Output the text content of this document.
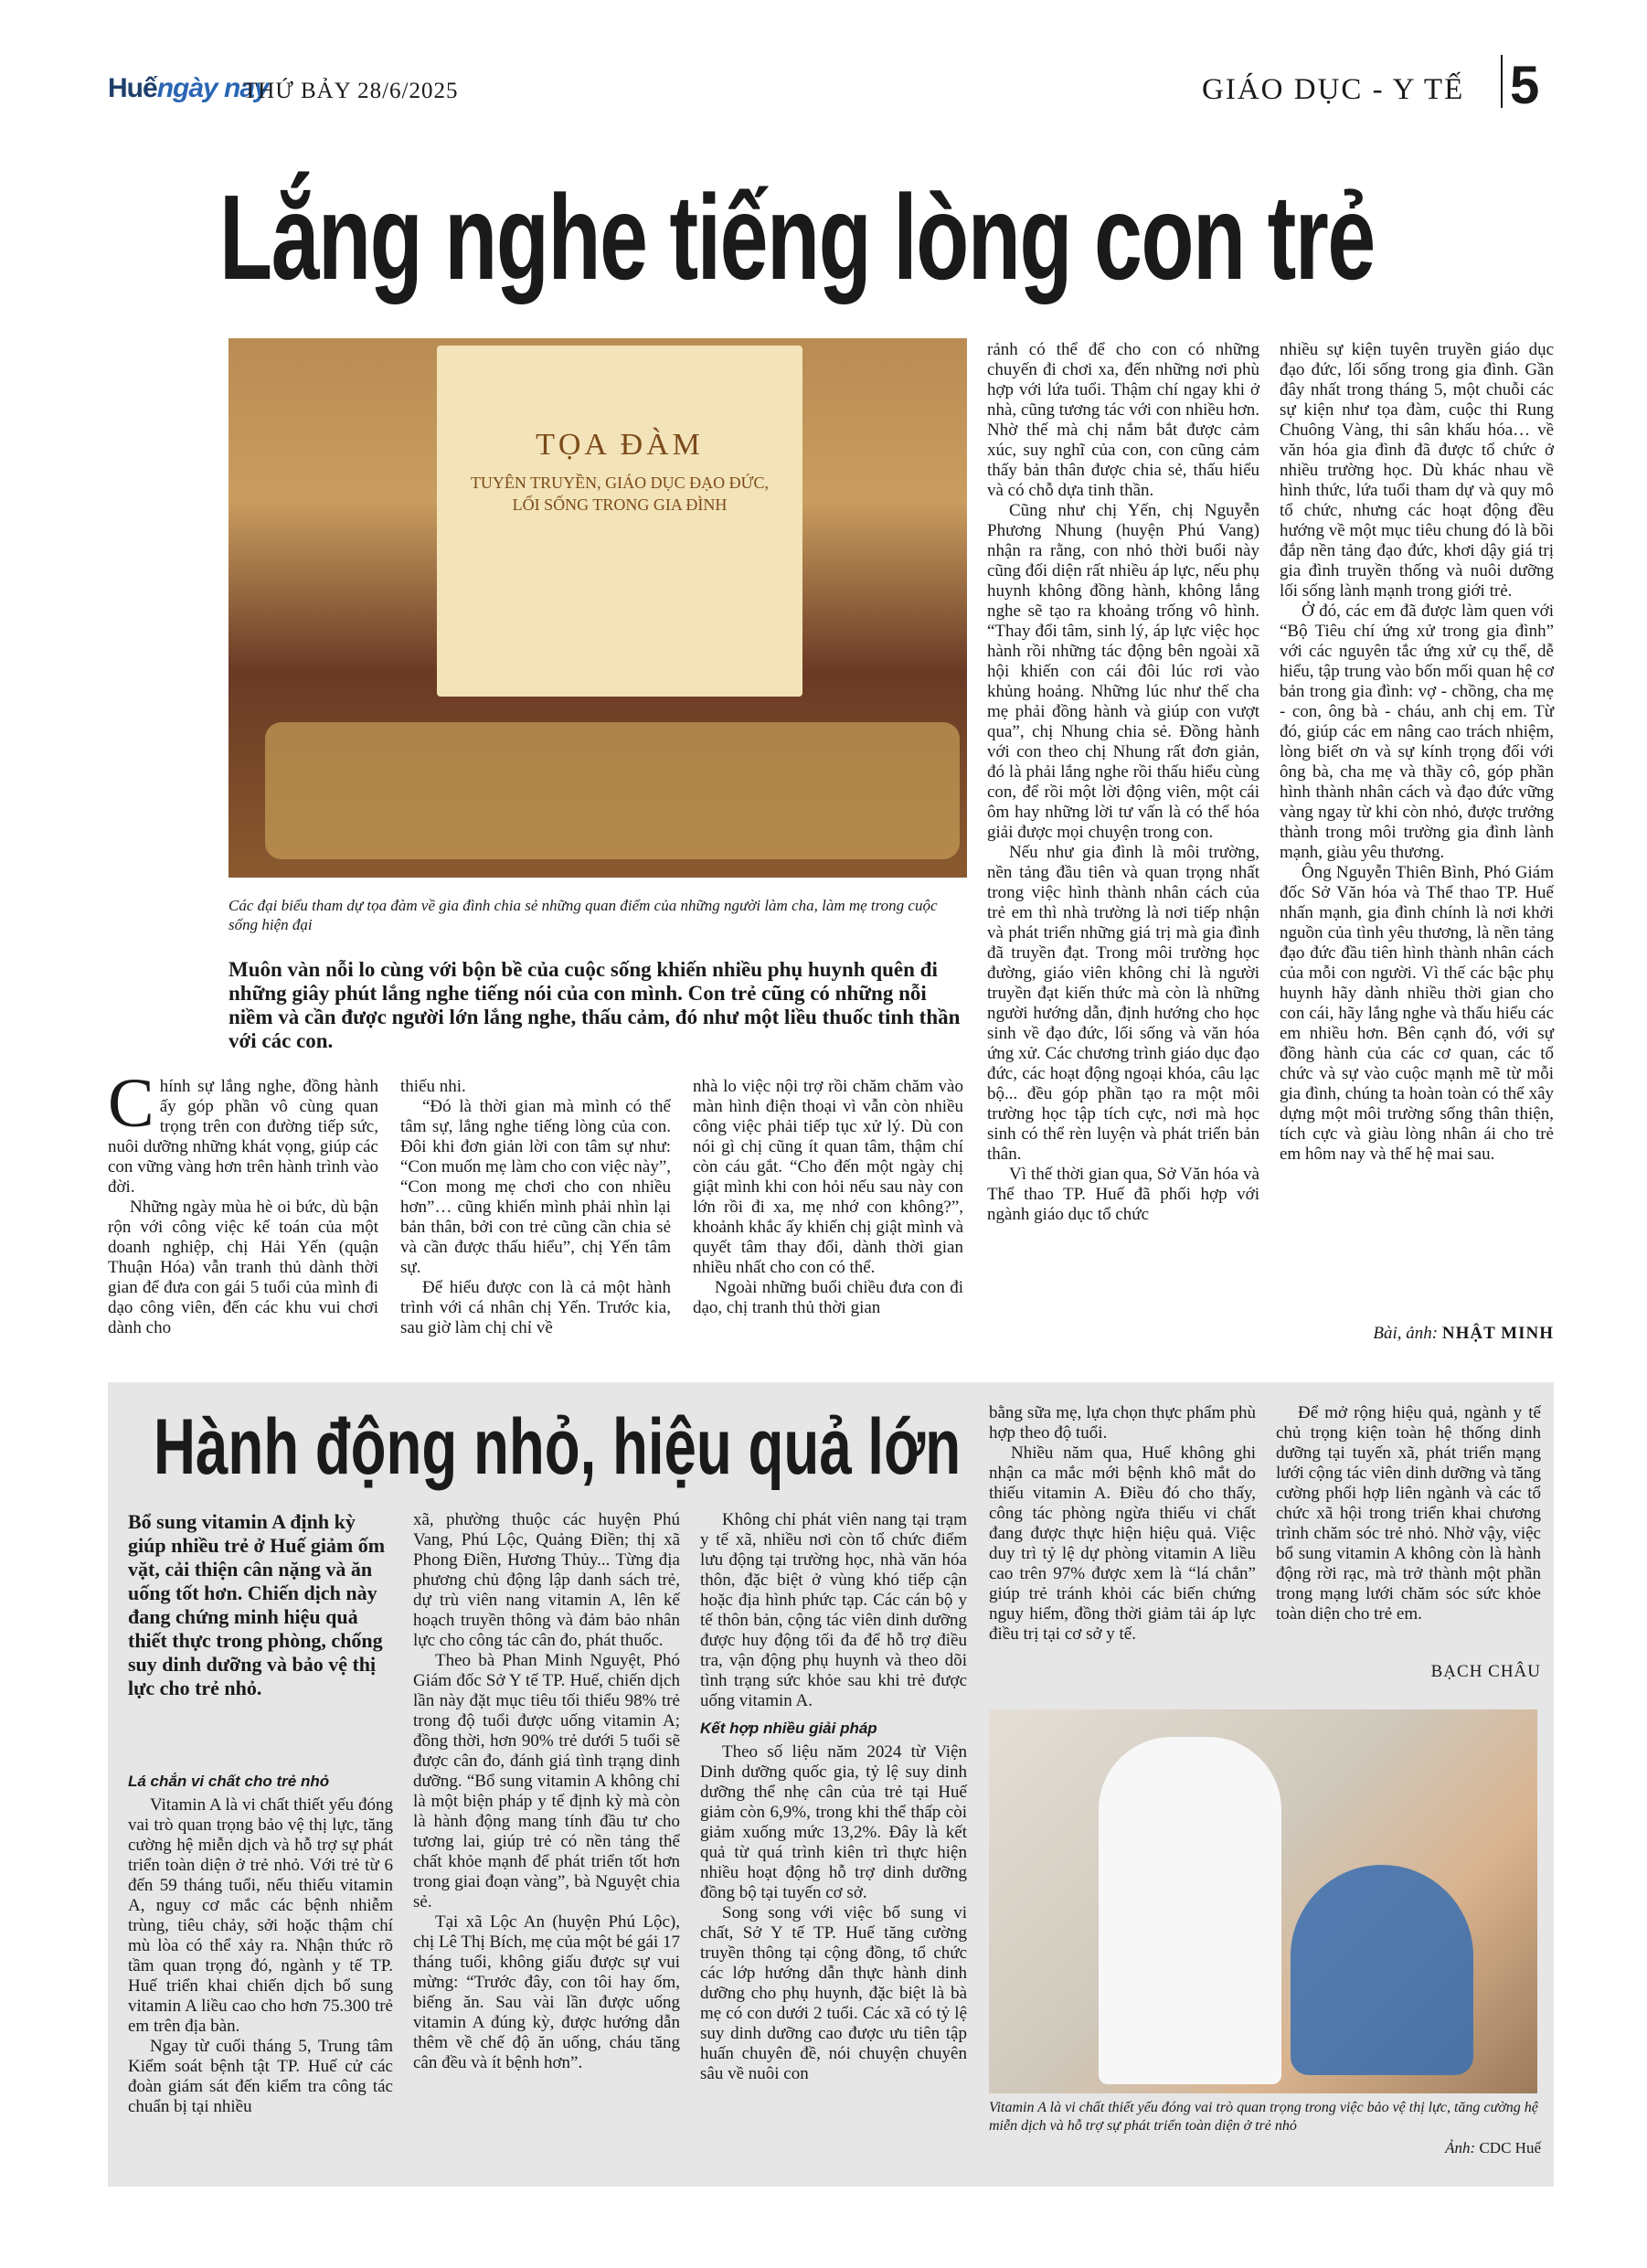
Huếngày nay
THỨ BẢY 28/6/2025	GIÁO DỤC - Y TẾ 5
Lắng nghe tiếng lòng con trẻ
TỌA ĐÀM
TUYÊN TRUYỀN, GIÁO DỤC ĐẠO ĐỨC, LỐI SỐNG TRONG GIA ĐÌNH
Các đại biểu tham dự tọa đàm về gia đình chia sẻ những quan điểm của những người làm cha, làm mẹ trong cuộc sống hiện đại
Muôn vàn nỗi lo cùng với bộn bề của cuộc sống khiến nhiều phụ huynh quên đi những giây phút lắng nghe tiếng nói của con mình. Con trẻ cũng có những nỗi niềm và cần được người lớn lắng nghe, thấu cảm, đó như một liều thuốc tinh thần với các con.

Chính sự lắng nghe, đồng hành ấy góp phần vô cùng quan trọng trên con đường tiếp sức, nuôi dưỡng những khát vọng, giúp các con vững vàng hơn trên hành trình vào đời.

Những ngày mùa hè oi bức, dù bận rộn với công việc kế toán của một doanh nghiệp, chị Hải Yến (quận Thuận Hóa) vẫn tranh thủ dành thời gian để đưa con gái 5 tuổi của mình đi dạo công viên, đến các khu vui chơi dành cho

thiếu nhi.

“Đó là thời gian mà mình có thể tâm sự, lắng nghe tiếng lòng của con. Đôi khi đơn giản lời con tâm sự như: “Con muốn mẹ làm cho con việc này”, “Con mong mẹ chơi cho con nhiều hơn”… cũng khiến mình phải nhìn lại bản thân, bởi con trẻ cũng cần chia sẻ và cần được thấu hiểu”, chị Yến tâm sự.

Để hiểu được con là cả một hành trình với cá nhân chị Yến. Trước kia, sau giờ làm chị chỉ về

nhà lo việc nội trợ rồi chăm chăm vào màn hình điện thoại vì vẫn còn nhiều công việc phải tiếp tục xử lý. Dù con nói gì chị cũng ít quan tâm, thậm chí còn cáu gắt. “Cho đến một ngày chị giật mình khi con hỏi nếu sau này con lớn rồi đi xa, mẹ nhớ con không?”, khoảnh khắc ấy khiến chị giật mình và quyết tâm thay đổi, dành thời gian nhiều nhất cho con có thể.

Ngoài những buổi chiều đưa con đi dạo, chị tranh thủ thời gian

rảnh có thể để cho con có những chuyến đi chơi xa, đến những nơi phù hợp với lứa tuổi. Thậm chí ngay khi ở nhà, cũng tương tác với con nhiều hơn. Nhờ thế mà chị nắm bắt được cảm xúc, suy nghĩ của con, con cũng cảm thấy bản thân được chia sẻ, thấu hiểu và có chỗ dựa tinh thần.

Cũng như chị Yến, chị Nguyễn Phương Nhung (huyện Phú Vang) nhận ra rằng, con nhỏ thời buổi này cũng đối diện rất nhiều áp lực, nếu phụ huynh không đồng hành, không lắng nghe sẽ tạo ra khoảng trống vô hình. “Thay đổi tâm, sinh lý, áp lực việc học hành rồi những tác động bên ngoài xã hội khiến con cái đôi lúc rơi vào khủng hoảng. Những lúc như thế cha mẹ phải đồng hành và giúp con vượt qua”, chị Nhung chia sẻ. Đồng hành với con theo chị Nhung rất đơn giản, đó là phải lắng nghe rồi thấu hiểu cùng con, để rồi một lời động viên, một cái ôm hay những lời tư vấn là có thể hóa giải được mọi chuyện trong con.

Nếu như gia đình là môi trường, nền tảng đầu tiên và quan trọng nhất trong việc hình thành nhân cách của trẻ em thì nhà trường là nơi tiếp nhận và phát triển những giá trị mà gia đình đã truyền đạt. Trong môi trường học đường, giáo viên không chỉ là người truyền đạt kiến thức mà còn là những người hướng dẫn, định hướng cho học sinh về đạo đức, lối sống và văn hóa ứng xử. Các chương trình giáo dục đạo đức, các hoạt động ngoại khóa, câu lạc bộ... đều góp phần tạo ra một môi trường học tập tích cực, nơi mà học sinh có thể rèn luyện và phát triển bản thân.

Vì thế thời gian qua, Sở Văn hóa và Thể thao TP. Huế đã phối hợp với ngành giáo dục tổ chức

nhiều sự kiện tuyên truyền giáo dục đạo đức, lối sống trong gia đình. Gần đây nhất trong tháng 5, một chuỗi các sự kiện như tọa đàm, cuộc thi Rung Chuông Vàng, thi sân khấu hóa… về văn hóa gia đình đã được tổ chức ở nhiều trường học. Dù khác nhau về hình thức, lứa tuổi tham dự và quy mô tổ chức, nhưng các hoạt động đều hướng về một mục tiêu chung đó là bồi đắp nền tảng đạo đức, khơi dậy giá trị gia đình truyền thống và nuôi dưỡng lối sống lành mạnh trong giới trẻ.

Ở đó, các em đã được làm quen với “Bộ Tiêu chí ứng xử trong gia đình” với các nguyên tắc ứng xử cụ thể, dễ hiểu, tập trung vào bốn mối quan hệ cơ bản trong gia đình: vợ - chồng, cha mẹ - con, ông bà - cháu, anh chị em. Từ đó, giúp các em nâng cao trách nhiệm, lòng biết ơn và sự kính trọng đối với ông bà, cha mẹ và thầy cô, góp phần hình thành nhân cách và đạo đức vững vàng ngay từ khi còn nhỏ, được trưởng thành trong môi trường gia đình lành mạnh, giàu yêu thương.

Ông Nguyễn Thiên Bình, Phó Giám đốc Sở Văn hóa và Thể thao TP. Huế nhấn mạnh, gia đình chính là nơi khởi nguồn của tình yêu thương, là nền tảng đạo đức đầu tiên hình thành nhân cách của mỗi con người. Vì thế các bậc phụ huynh hãy dành nhiều thời gian cho con cái, hãy lắng nghe và thấu hiểu các em nhiều hơn. Bên cạnh đó, với sự đồng hành của các cơ quan, các tổ chức và sự vào cuộc mạnh mẽ từ mỗi gia đình, chúng ta hoàn toàn có thể xây dựng một môi trường sống thân thiện, tích cực và giàu lòng nhân ái cho trẻ em hôm nay và thế hệ mai sau.

Bài, ảnh: NHẬT MINH
Hành động nhỏ, hiệu quả lớn
Bổ sung vitamin A định kỳ giúp nhiều trẻ ở Huế giảm ốm vặt, cải thiện cân nặng và ăn uống tốt hơn. Chiến dịch này đang chứng minh hiệu quả thiết thực trong phòng, chống suy dinh dưỡng và bảo vệ thị lực cho trẻ nhỏ.
Lá chắn vi chất cho trẻ nhỏ

Vitamin A là vi chất thiết yếu đóng vai trò quan trọng bảo vệ thị lực, tăng cường hệ miễn dịch và hỗ trợ sự phát triển toàn diện ở trẻ nhỏ. Với trẻ từ 6 đến 59 tháng tuổi, nếu thiếu vitamin A, nguy cơ mắc các bệnh nhiễm trùng, tiêu chảy, sởi hoặc thậm chí mù lòa có thể xảy ra. Nhận thức rõ tầm quan trọng đó, ngành y tế TP. Huế triển khai chiến dịch bổ sung vitamin A liều cao cho hơn 75.300 trẻ em trên địa bàn.

Ngay từ cuối tháng 5, Trung tâm Kiểm soát bệnh tật TP. Huế cử các đoàn giám sát đến kiểm tra công tác chuẩn bị tại nhiều

xã, phường thuộc các huyện Phú Vang, Phú Lộc, Quảng Điền; thị xã Phong Điền, Hương Thủy... Từng địa phương chủ động lập danh sách trẻ, dự trù viên nang vitamin A, lên kế hoạch truyền thông và đảm bảo nhân lực cho công tác cân đo, phát thuốc.

Theo bà Phan Minh Nguyệt, Phó Giám đốc Sở Y tế TP. Huế, chiến dịch lần này đặt mục tiêu tối thiểu 98% trẻ trong độ tuổi được uống vitamin A; đồng thời, hơn 90% trẻ dưới 5 tuổi sẽ được cân đo, đánh giá tình trạng dinh dưỡng. “Bổ sung vitamin A không chỉ là một biện pháp y tế định kỳ mà còn là hành động mang tính đầu tư cho tương lai, giúp trẻ có nền tảng thể chất khỏe mạnh để phát triển tốt hơn trong giai đoạn vàng”, bà Nguyệt chia sẻ.

Tại xã Lộc An (huyện Phú Lộc), chị Lê Thị Bích, mẹ của một bé gái 17 tháng tuổi, không giấu được sự vui mừng: “Trước đây, con tôi hay ốm, biếng ăn. Sau vài lần được uống vitamin A đúng kỳ, được hướng dẫn thêm về chế độ ăn uống, cháu tăng cân đều và ít bệnh hơn”.

Không chỉ phát viên nang tại trạm y tế xã, nhiều nơi còn tổ chức điểm lưu động tại trường học, nhà văn hóa thôn, đặc biệt ở vùng khó tiếp cận hoặc địa hình phức tạp. Các cán bộ y tế thôn bản, cộng tác viên dinh dưỡng được huy động tối đa để hỗ trợ điều tra, vận động phụ huynh và theo dõi tình trạng sức khỏe sau khi trẻ được uống vitamin A.

Kết hợp nhiều giải pháp

Theo số liệu năm 2024 từ Viện Dinh dưỡng quốc gia, tỷ lệ suy dinh dưỡng thể nhẹ cân của trẻ tại Huế giảm còn 6,9%, trong khi thể thấp còi giảm xuống mức 13,2%. Đây là kết quả từ quá trình kiên trì thực hiện nhiều hoạt động hỗ trợ dinh dưỡng đồng bộ tại tuyến cơ sở.

Song song với việc bổ sung vi chất, Sở Y tế TP. Huế tăng cường truyền thông tại cộng đồng, tổ chức các lớp hướng dẫn thực hành dinh dưỡng cho phụ huynh, đặc biệt là bà mẹ có con dưới 2 tuổi. Các xã có tỷ lệ suy dinh dưỡng cao được ưu tiên tập huấn chuyên đề, nói chuyện chuyên sâu về nuôi con

bằng sữa mẹ, lựa chọn thực phẩm phù hợp theo độ tuổi.

Nhiều năm qua, Huế không ghi nhận ca mắc mới bệnh khô mắt do thiếu vitamin A. Điều đó cho thấy, công tác phòng ngừa thiếu vi chất đang được thực hiện hiệu quả. Việc duy trì tỷ lệ dự phòng vitamin A liều cao trên 97% được xem là “lá chắn” giúp trẻ tránh khỏi các biến chứng nguy hiểm, đồng thời giảm tải áp lực điều trị tại cơ sở y tế.

Để mở rộng hiệu quả, ngành y tế chủ trọng kiện toàn hệ thống dinh dưỡng tại tuyến xã, phát triển mạng lưới cộng tác viên dinh dưỡng và tăng cường phối hợp liên ngành và các tổ chức xã hội trong triển khai chương trình chăm sóc trẻ nhỏ. Nhờ vậy, việc bổ sung vitamin A không còn là hành động rời rạc, mà trở thành một phần trong mạng lưới chăm sóc sức khỏe toàn diện cho trẻ em.

BẠCH CHÂU
Vitamin A là vi chất thiết yếu đóng vai trò quan trọng trong việc bảo vệ thị lực, tăng cường hệ miễn dịch và hỗ trợ sự phát triển toàn diện ở trẻ nhỏ
Ảnh: CDC Huế
